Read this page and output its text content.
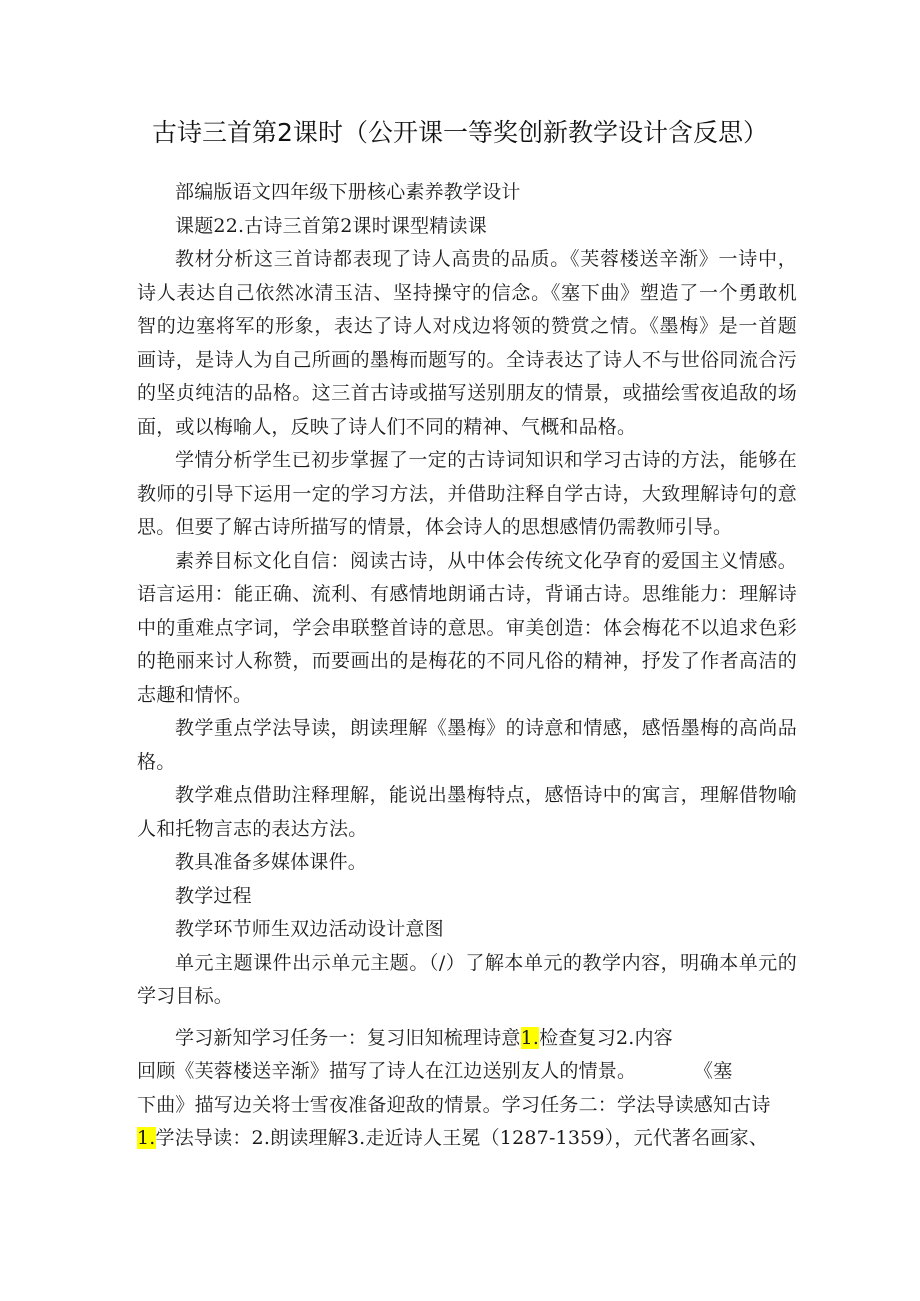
古诗三首第2课时（公开课一等奖创新教学设计含反思）

部编版语文四年级下册核心素养教学设计

课题22.古诗三首第2课时课型精读课

教材分析这三首诗都表现了诗人高贵的品质。《芙蓉楼送辛渐》一诗中，诗人表达自己依然冰清玉洁、坚持操守的信念。《塞下曲》塑造了一个勇敢机智的边塞将军的形象，表达了诗人对戍边将领的赞赏之情。《墨梅》是一首题画诗，是诗人为自己所画的墨梅而题写的。全诗表达了诗人不与世俗同流合污的坚贞纯洁的品格。这三首古诗或描写送别朋友的情景，或描绘雪夜追敌的场面，或以梅喻人，反映了诗人们不同的精神、气概和品格。

学情分析学生已初步掌握了一定的古诗词知识和学习古诗的方法，能够在教师的引导下运用一定的学习方法，并借助注释自学古诗，大致理解诗句的意思。但要了解古诗所描写的情景，体会诗人的思想感情仍需教师引导。

素养目标文化自信：阅读古诗，从中体会传统文化孕育的爱国主义情感。语言运用：能正确、流利、有感情地朗诵古诗，背诵古诗。思维能力：理解诗中的重难点字词，学会串联整首诗的意思。审美创造：体会梅花不以追求色彩的艳丽来讨人称赞，而要画出的是梅花的不同凡俗的精神，抒发了作者高洁的志趣和情怀。

教学重点学法导读，朗读理解《墨梅》的诗意和情感，感悟墨梅的高尚品格。

教学难点借助注释理解，能说出墨梅特点，感悟诗中的寓言，理解借物喻人和托物言志的表达方法。

教具准备多媒体课件。

教学过程

教学环节师生双边活动设计意图

单元主题课件出示单元主题。（/）了解本单元的教学内容，明确本单元的学习目标。

学习新知学习任务一：复习旧知梳理诗意1.检查复习2.内容

回顾《芙蓉楼送辛渐》描写了诗人在江边送别友人的情景。　　　　《塞

下曲》描写边关将士雪夜准备迎敌的情景。学习任务二：学法导读感知古诗

1.学法导读：2.朗读理解3.走近诗人王冕（1287-1359），元代著名画家、
